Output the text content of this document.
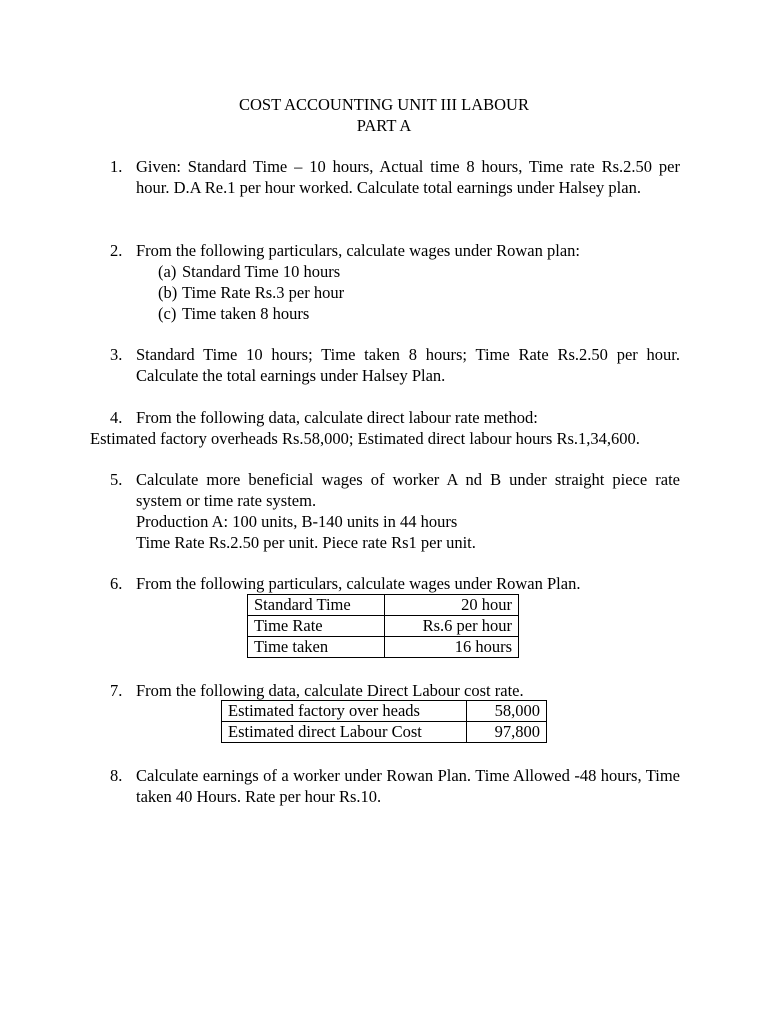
COST ACCOUNTING UNIT III LABOUR
PART A
1. Given: Standard Time – 10 hours, Actual time 8 hours, Time rate Rs.2.50 per hour. D.A Re.1 per hour worked. Calculate total earnings under Halsey plan.

2. From the following particulars, calculate wages under Rowan plan:

(a) Standard Time 10 hours
(b) Time Rate Rs.3 per hour
(c) Time taken 8 hours
3. Standard Time 10 hours; Time taken 8 hours; Time Rate Rs.2.50 per hour. Calculate the total earnings under Halsey Plan.

4. From the following data, calculate direct labour rate method:

Estimated factory overheads Rs.58,000; Estimated direct labour hours Rs.1,34,600.
5. Calculate more beneficial wages of worker A nd B under straight piece rate system or time rate system.

Production A: 100 units, B-140 units in 44 hours

Time Rate Rs.2.50 per unit. Piece rate Rs1 per unit.

6. From the following particulars, calculate wages under Rowan Plan.

Standard Time	20 hour
Time Rate	Rs.6 per hour
Time taken	16 hours
7. From the following data, calculate Direct Labour cost rate.

Estimated factory over heads	58,000
Estimated direct Labour Cost	97,800
8. Calculate earnings of a worker under Rowan Plan. Time Allowed -48 hours, Time taken 40 Hours. Rate per hour Rs.10.
